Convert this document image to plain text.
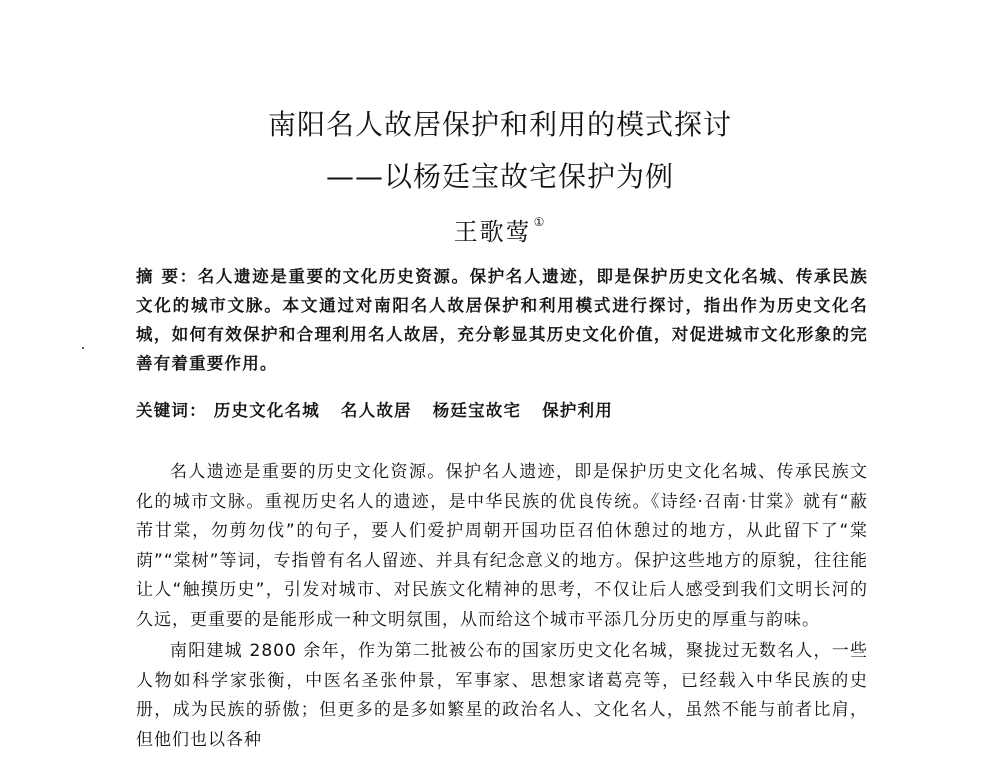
南阳名人故居保护和利用的模式探讨
——以杨廷宝故宅保护为例
王歌莺 ①
摘 要：名人遗迹是重要的文化历史资源。保护名人遗迹，即是保护历史文化名城、传承民族文化的城市文脉。本文通过对南阳名人故居保护和利用模式进行探讨，指出作为历史文化名城，如何有效保护和合理利用名人故居，充分彰显其历史文化价值，对促进城市文化形象的完善有着重要作用。
关键词： 历史文化名城 名人故居 杨廷宝故宅 保护利用

名人遗迹是重要的历史文化资源。保护名人遗迹，即是保护历史文化名城、传承民族文化的城市文脉。重视历史名人的遗迹，是中华民族的优良传统。《诗经·召南·甘棠》就有“蔽芾甘棠，勿剪勿伐”的句子，要人们爱护周朝开国功臣召伯休憩过的地方，从此留下了“棠荫”“棠树”等词，专指曾有名人留迹、并具有纪念意义的地方。保护这些地方的原貌，往往能让人“触摸历史”，引发对城市、对民族文化精神的思考，不仅让后人感受到我们文明长河的久远，更重要的是能形成一种文明氛围，从而给这个城市平添几分历史的厚重与韵味。

南阳建城 2800 余年，作为第二批被公布的国家历史文化名城，聚拢过无数名人，一些人物如科学家张衡，中医名圣张仲景，军事家、思想家诸葛亮等，已经载入中华民族的史册，成为民族的骄傲；但更多的是多如繁星的政治名人、文化名人，虽然不能与前者比肩，但他们也以各种
